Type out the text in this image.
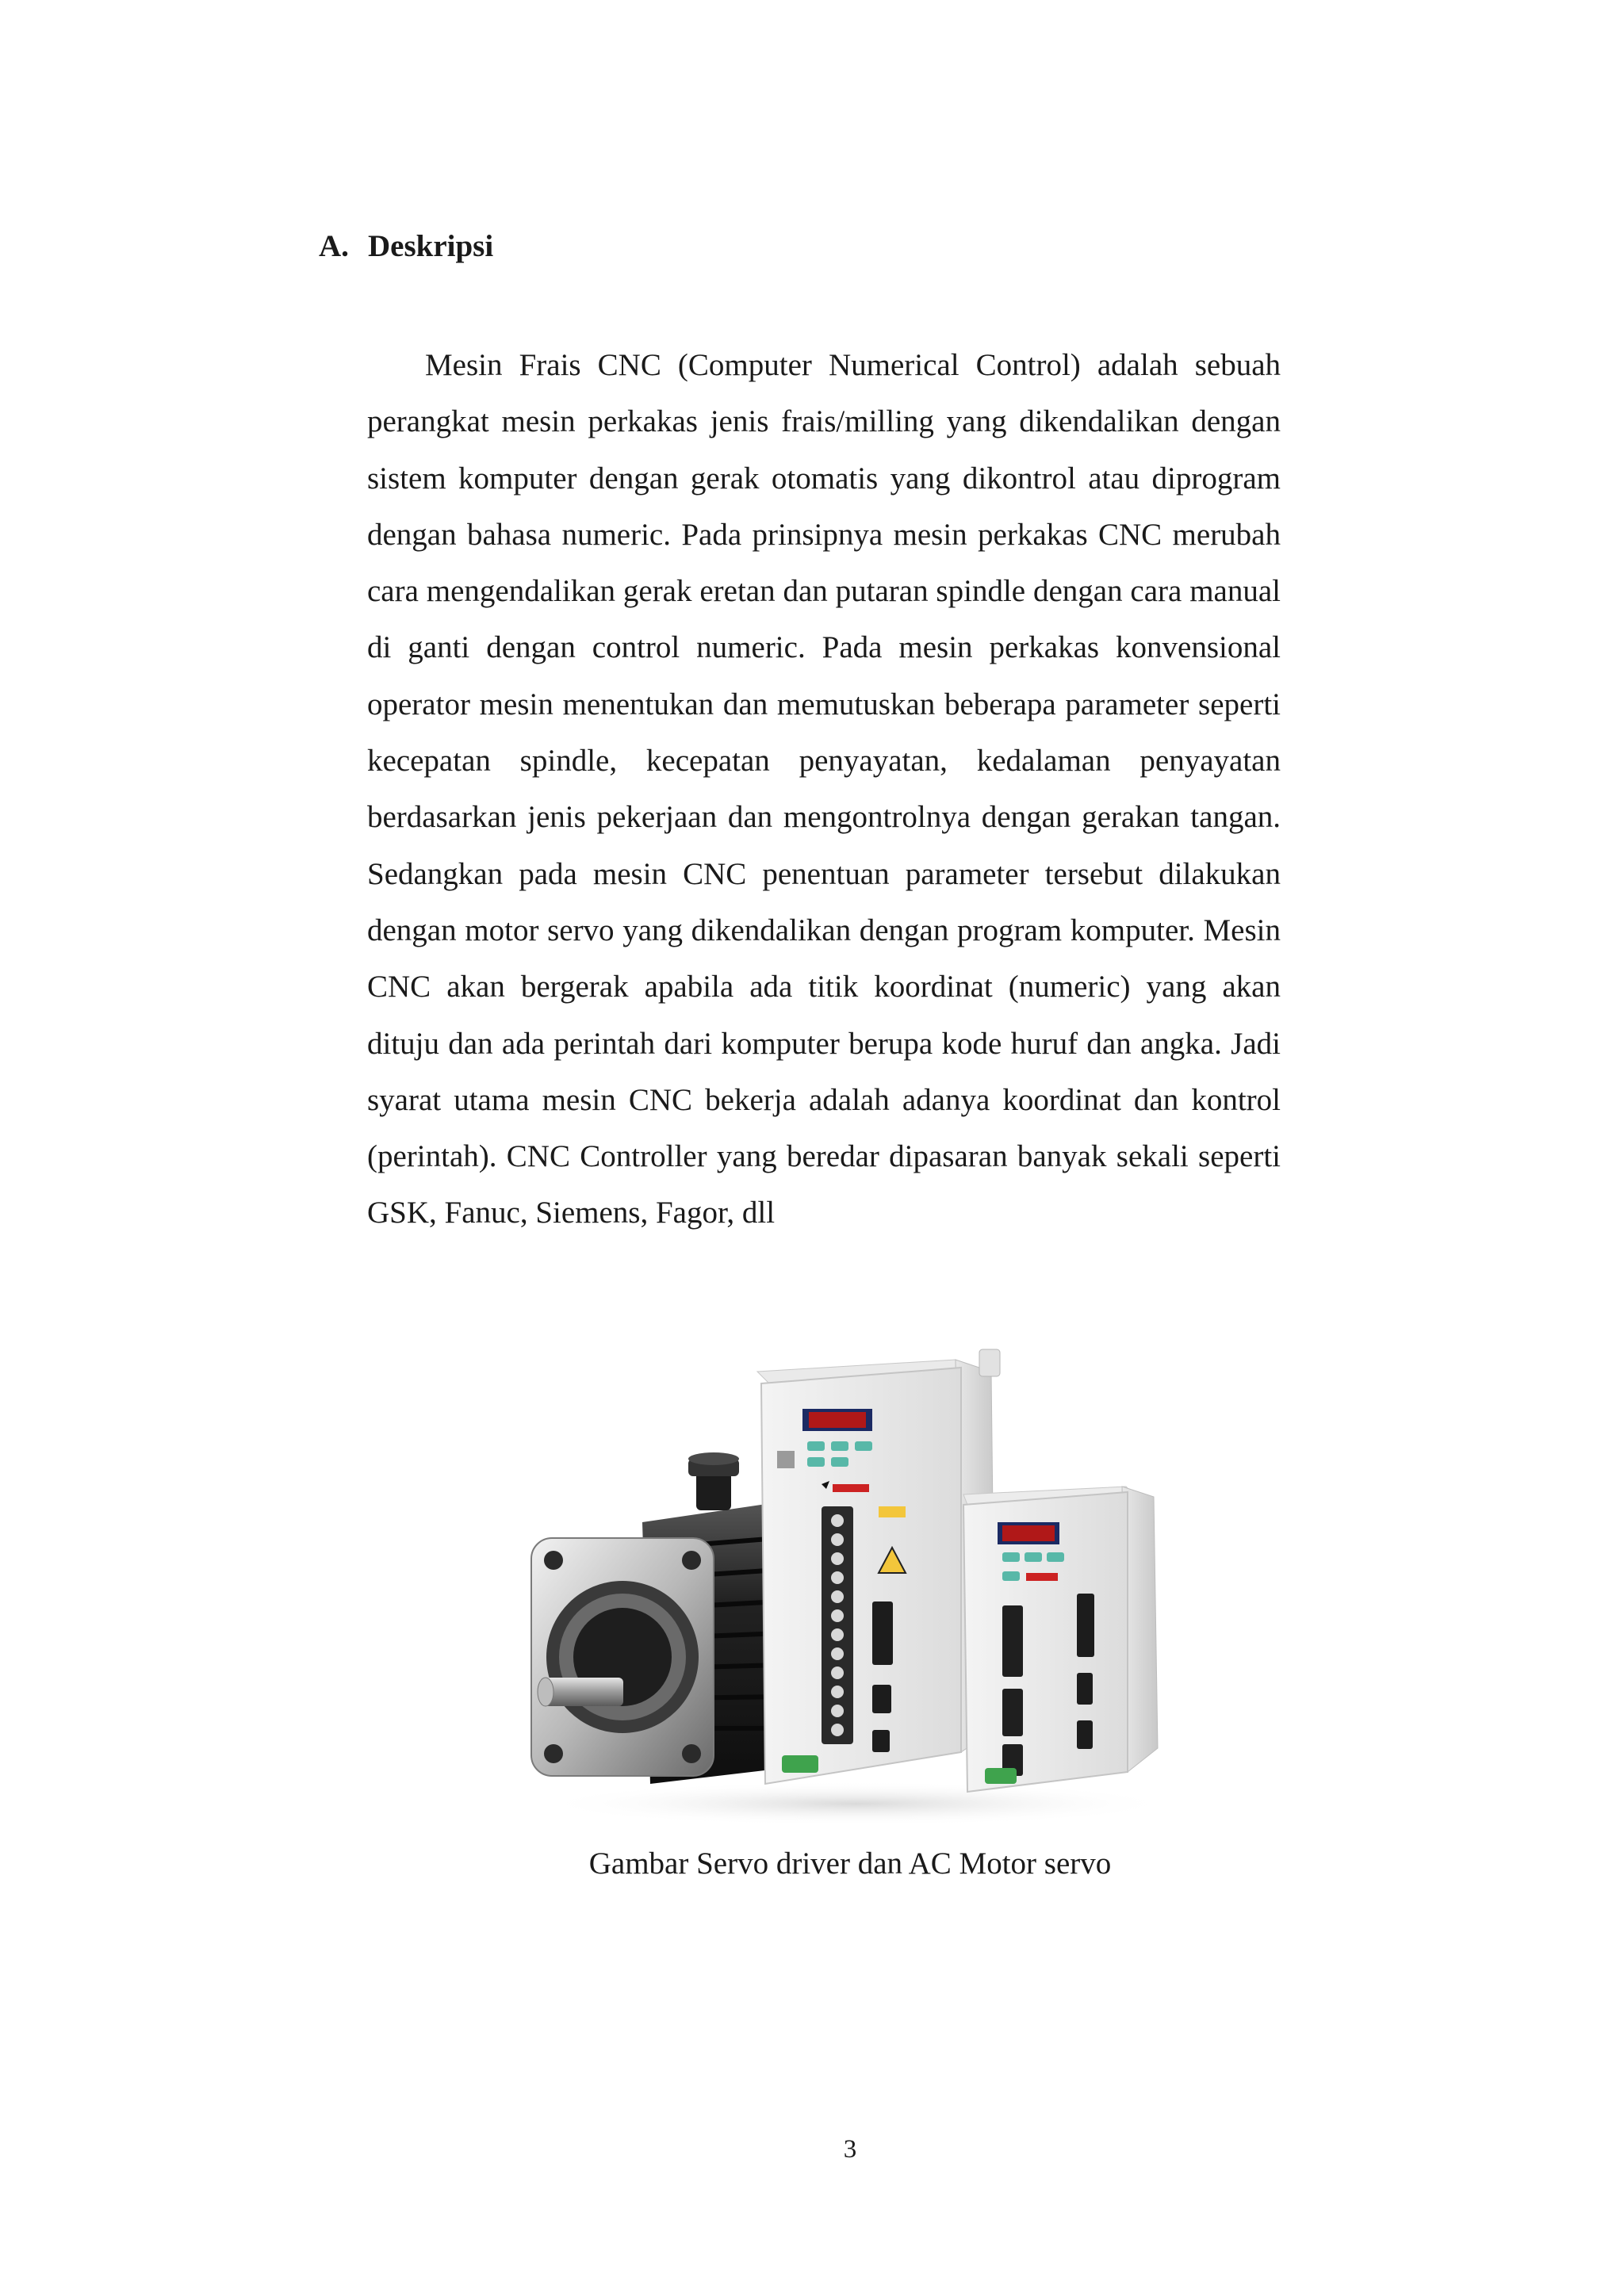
A. Deskripsi

Mesin Frais CNC (Computer Numerical Control) adalah sebuah perangkat mesin perkakas jenis frais/milling yang dikendalikan dengan sistem komputer dengan gerak otomatis yang dikontrol atau diprogram dengan bahasa numeric. Pada prinsipnya mesin perkakas CNC merubah cara mengendalikan gerak eretan dan putaran spindle dengan cara manual di ganti dengan control numeric. Pada mesin perkakas konvensional operator mesin menentukan dan memutuskan beberapa parameter seperti kecepatan spindle, kecepatan penyayatan, kedalaman penyayatan berdasarkan jenis pekerjaan dan mengontrolnya dengan gerakan tangan. Sedangkan pada mesin CNC penentuan parameter tersebut dilakukan dengan motor servo yang dikendalikan dengan program komputer. Mesin CNC akan bergerak apabila ada titik koordinat (numeric) yang akan dituju dan ada perintah dari komputer berupa kode huruf dan angka. Jadi syarat utama mesin CNC bekerja adalah adanya koordinat dan kontrol (perintah). CNC Controller yang beredar dipasaran banyak sekali seperti GSK, Fanuc, Siemens, Fagor, dll

Gambar Servo driver dan AC Motor servo
3
